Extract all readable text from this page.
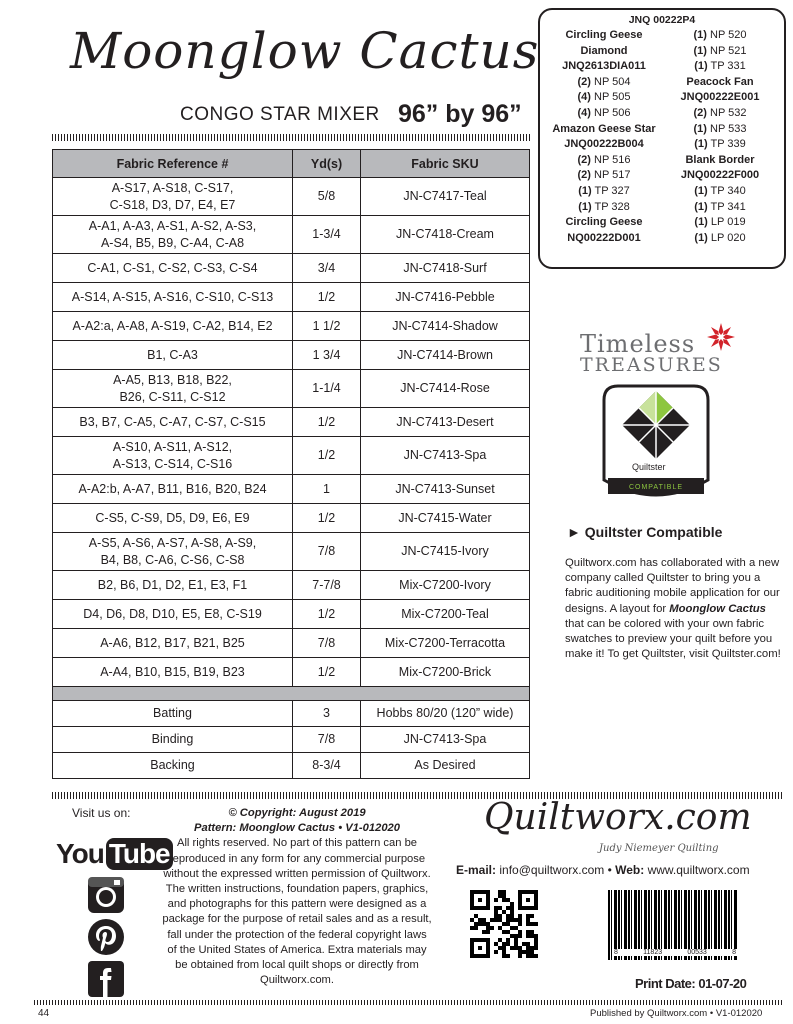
Moonglow Cactus
CONGO STAR MIXER 96” by 96”
Fabric Reference #	Yd(s)	Fabric SKU

A-S17, A-S18, C-S17,
C-S18, D3, D7, E4, E7	5/8	JN-C7417-Teal

A-A1, A-A3, A-S1, A-S2, A-S3,
A-S4, B5, B9, C-A4, C-A8	1-3/4	JN-C7418-Cream

C-A1, C-S1, C-S2, C-S3, C-S4	3/4	JN-C7418-Surf

A-S14, A-S15, A-S16, C-S10, C-S13	1/2	JN-C7416-Pebble

A-A2:a, A-A8, A-S19, C-A2, B14, E2	1 1/2	JN-C7414-Shadow

B1, C-A3	1 3/4	JN-C7414-Brown

A-A5, B13, B18, B22,
B26, C-S11, C-S12	1-1/4	JN-C7414-Rose

B3, B7, C-A5, C-A7, C-S7, C-S15	1/2	JN-C7413-Desert

A-S10, A-S11, A-S12,
A-S13, C-S14, C-S16	1/2	JN-C7413-Spa

A-A2:b, A-A7, B11, B16, B20, B24	1	JN-C7413-Sunset

C-S5, C-S9, D5, D9, E6, E9	1/2	JN-C7415-Water

A-S5, A-S6, A-S7, A-S8, A-S9,
B4, B8, C-A6, C-S6, C-S8	7/8	JN-C7415-Ivory

B2, B6, D1, D2, E1, E3, F1	7-7/8	Mix-C7200-Ivory

D4, D6, D8, D10, E5, E8, C-S19	1/2	Mix-C7200-Teal

A-A6, B12, B17, B21, B25	7/8	Mix-C7200-Terracotta

A-A4, B10, B15, B19, B23	1/2	Mix-C7200-Brick

Batting	3	Hobbs 80/20 (120” wide)
Binding	7/8	JN-C7413-Spa
Backing	8-3/4	As Desired
JNQ 00222P4
Circling Geese
Diamond
JNQ2613DIA011
(2) NP 504
(4) NP 505
(4) NP 506
Amazon Geese Star
JNQ00222B004
(2) NP 516
(2) NP 517
(1) TP 327
(1) TP 328
Circling Geese
NQ00222D001
(1) NP 520
(1) NP 521
(1) TP 331
Peacock Fan
JNQ00222E001
(2) NP 532
(1) NP 533
(1) TP 339
Blank Border
JNQ00222F000
(1) TP 340
(1) TP 341
(1) LP 019
(1) LP 020
Timeless
TREASURES
Quiltster
COMPATIBLE
► Quiltster Compatible
Quiltworx.com has collaborated with a new company called Quiltster to bring you a fabric auditioning mobile application for our designs. A layout for Moonglow Cactus that can be colored with your own fabric swatches to preview your quilt before you make it! To get Quiltster, visit Quiltster.com!
Visit us on:
You Tube
© Copyright: August 2019
Pattern: Moonglow Cactus • V1-012020
All rights reserved. No part of this pattern can be reproduced in any form for any commercial purpose without the expressed written permission of Quiltworx. The written instructions, foundation papers, graphics, and photographs for this pattern were designed as a package for the purpose of retail sales and as a result, fall under the protection of the federal copyright laws of the United States of America. Extra materials may be obtained from local quilt shops or directly from Quiltworx.com.
Quiltworx.com
Judy Niemeyer Quilting
E-mail: info@quiltworx.com • Web: www.quiltworx.com
8	11823	00533	8
Print Date: 01-07-20
44	Published by Quiltworx.com • V1-012020
